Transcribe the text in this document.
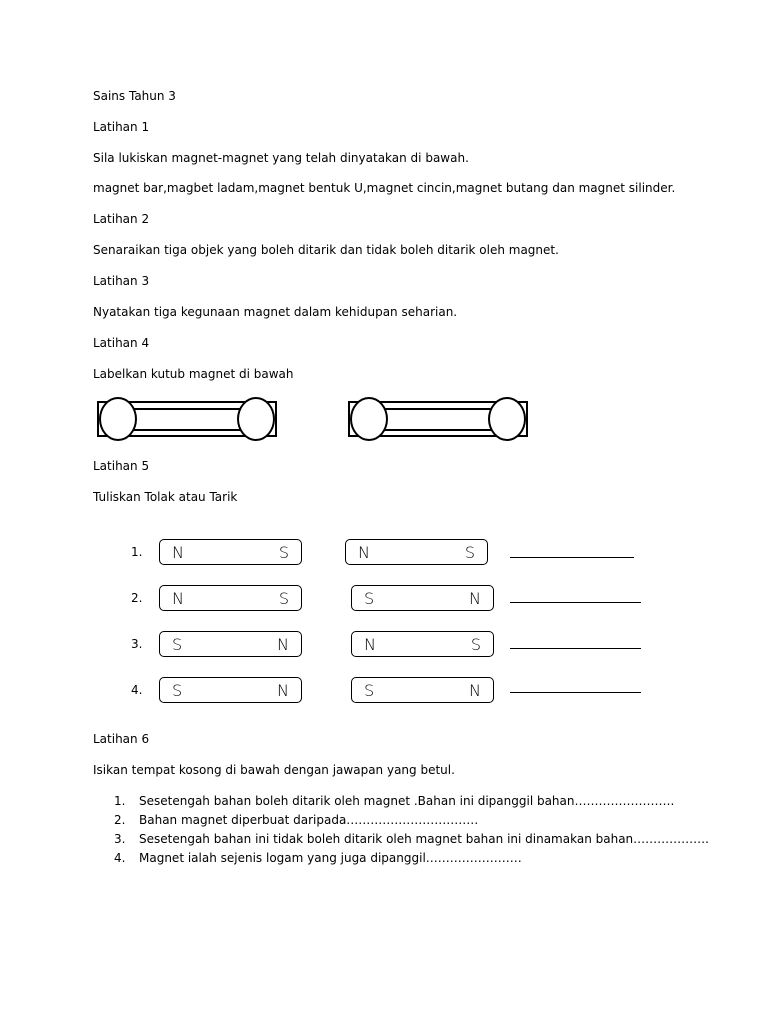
Sains Tahun 3
Latihan 1
Sila lukiskan magnet-magnet yang telah dinyatakan di bawah.
magnet bar,magbet ladam,magnet bentuk U,magnet cincin,magnet butang dan magnet silinder.
Latihan 2
Senaraikan tiga objek yang boleh ditarik dan tidak boleh ditarik oleh magnet.
Latihan 3
Nyatakan tiga kegunaan magnet dalam kehidupan seharian.
Latihan 4
Labelkan kutub magnet di bawah
Latihan 5
Tuliskan Tolak atau Tarik
1. N	S	N	S
2. N	S	S	N
3. S	N	N	S
4. S	N	S	N
Latihan 6
Isikan tempat kosong di bawah dengan jawapan yang betul.
1. Sesetengah bahan boleh ditarik oleh magnet .Bahan ini dipanggil bahan…………………….
2. Bahan magnet diperbuat daripada……………………………
3. Sesetengah bahan ini tidak boleh ditarik oleh magnet bahan ini dinamakan bahan……………….
4. Magnet ialah sejenis logam yang juga dipanggil……………………
